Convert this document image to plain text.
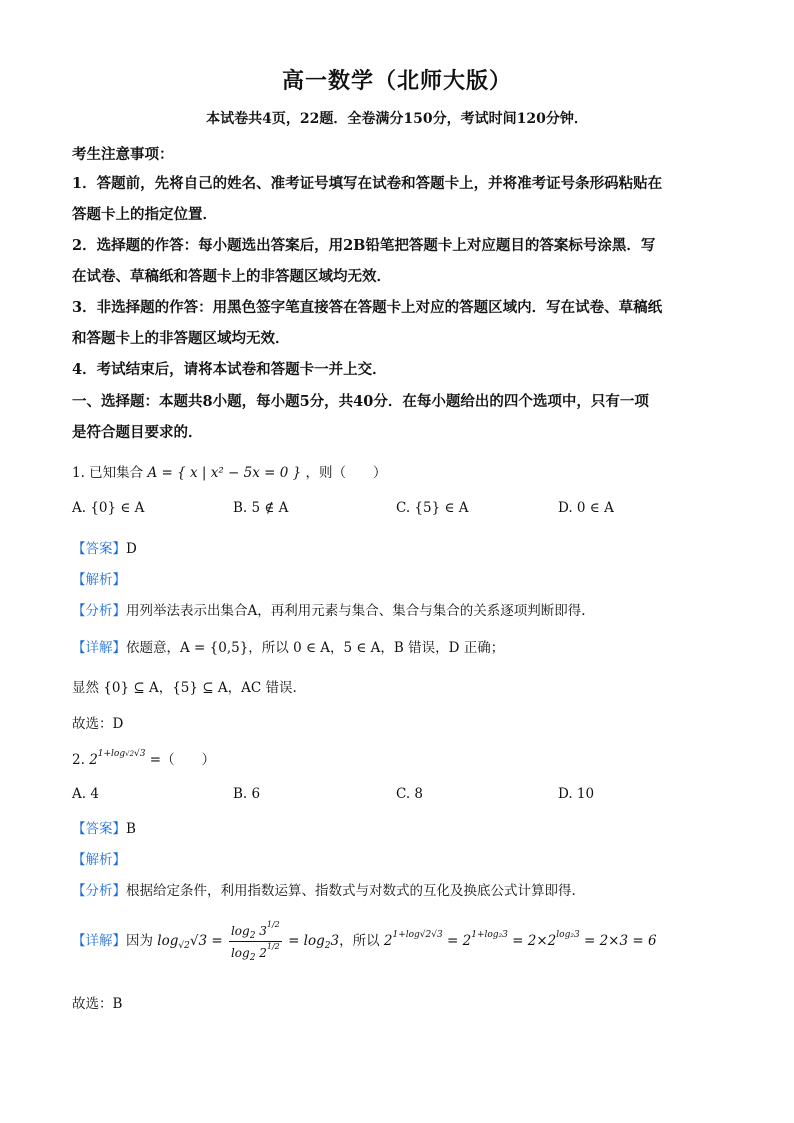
高一数学（北师大版）
本试卷共4页，22题．全卷满分150分，考试时间120分钟．
考生注意事项：
1．答题前，先将自己的姓名、准考证号填写在试卷和答题卡上，并将准考证号条形码粘贴在
答题卡上的指定位置．
2．选择题的作答：每小题选出答案后，用2B铅笔把答题卡上对应题目的答案标号涂黑．写
在试卷、草稿纸和答题卡上的非答题区域均无效．
3．非选择题的作答：用黑色签字笔直接答在答题卡上对应的答题区域内．写在试卷、草稿纸
和答题卡上的非答题区域均无效．
4．考试结束后，请将本试卷和答题卡一并上交．
一、选择题：本题共8小题，每小题5分，共40分．在每小题给出的四个选项中，只有一项
是符合题目要求的．
1. 已知集合 A = { x | x² − 5x = 0 } ，则（　　）
A. {0} ∈ A	B. 5 ∉ A	C. {5} ∈ A	D. 0 ∈ A
【答案】D
【解析】
【分析】用列举法表示出集合A，再利用元素与集合、集合与集合的关系逐项判断即得.
【详解】依题意，A = {0,5}，所以 0 ∈ A，5 ∈ A，B 错误，D 正确；
显然 {0} ⊆ A，{5} ⊆ A，AC 错误.
故选：D
2. $2^{1+log√2√3}$ =（　　）
A. 4	B. 6	C. 8	D. 10
【答案】B
【解析】
【分析】根据给定条件，利用指数运算、指数式与对数式的互化及换底公式计算即得.
【详解】因为 $\log_{√2}√3 = \frac{\log_2 3^{1/2}}{\log_2 2^{1/2}} = \log_23$，所以 $2^{1+log√2√3} = 2^{1+log_23} = 2\times 2^{log_23} = 2\times 3 = 6$
故选：B
